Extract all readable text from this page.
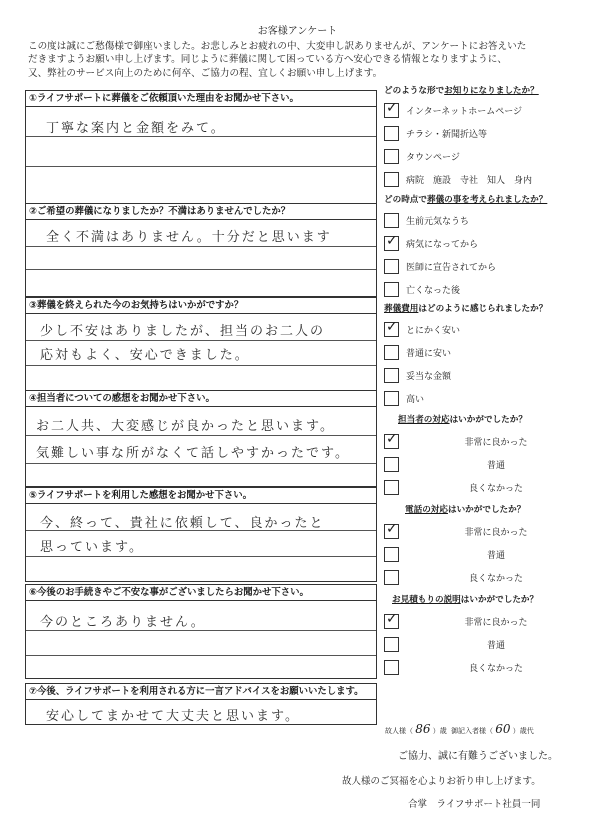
お客様アンケート
この度は誠にご愁傷様で御座いました。お悲しみとお疲れの中、大変申し訳ありませんが、アンケートにお答えいた
だきますようお願い申し上げます。同じように葬儀に関して困っている方へ安心できる情報となりますように、
又、弊社のサービス向上のために何卒、ご協力の程、宜しくお願い申し上げます。
①ライフサポートに葬儀をご依頼頂いた理由をお聞かせ下さい。
丁寧な案内と金額をみて。
②ご希望の葬儀になりましたか？不満はありませんでしたか？
全く不満はありません。十分だと思います
③葬儀を終えられた今のお気持ちはいかがですか？
少し不安はありましたが、担当のお二人の
応対もよく、安心できました。
④担当者についての感想をお聞かせ下さい。
お二人共、大変感じが良かったと思います。
気難しい事な所がなくて話しやすかったです。
⑤ライフサポートを利用した感想をお聞かせ下さい。
今、終って、貴社に依頼して、良かったと
思っています。
⑥今後のお手続きやご不安な事がございましたらお聞かせ下さい。
今のところありません。
⑦今後、ライフサポートを利用される方に一言アドバイスをお願いいたします。
安心してまかせて大丈夫と思います。
どのような形でお知りになりましたか？
✓ インターネットホームページ
チラシ・新聞折込等
タウンページ
病院　施設　寺社　知人　身内
どの時点で葬儀の事を考えられましたか？
生前元気なうち
✓ 病気になってから
医師に宣告されてから
亡くなった後
葬儀費用はどのように感じられましたか？
✓ とにかく安い
普通に安い
妥当な金額
高い
担当者の対応はいかがでしたか？
✓	非常に良かった
普通
良くなかった
電話の対応はいかがでしたか？
✓	非常に良かった
普通
良くなかった
お見積もりの説明はいかがでしたか？
✓	非常に良かった
普通
良くなかった
故人様（ 86 ）歳 御記入者様（ 60 ）歳代
ご協力、誠に有難うございました。
故人様のご冥福を心よりお祈り申し上げます。
合掌　ライフサポート社員一同
